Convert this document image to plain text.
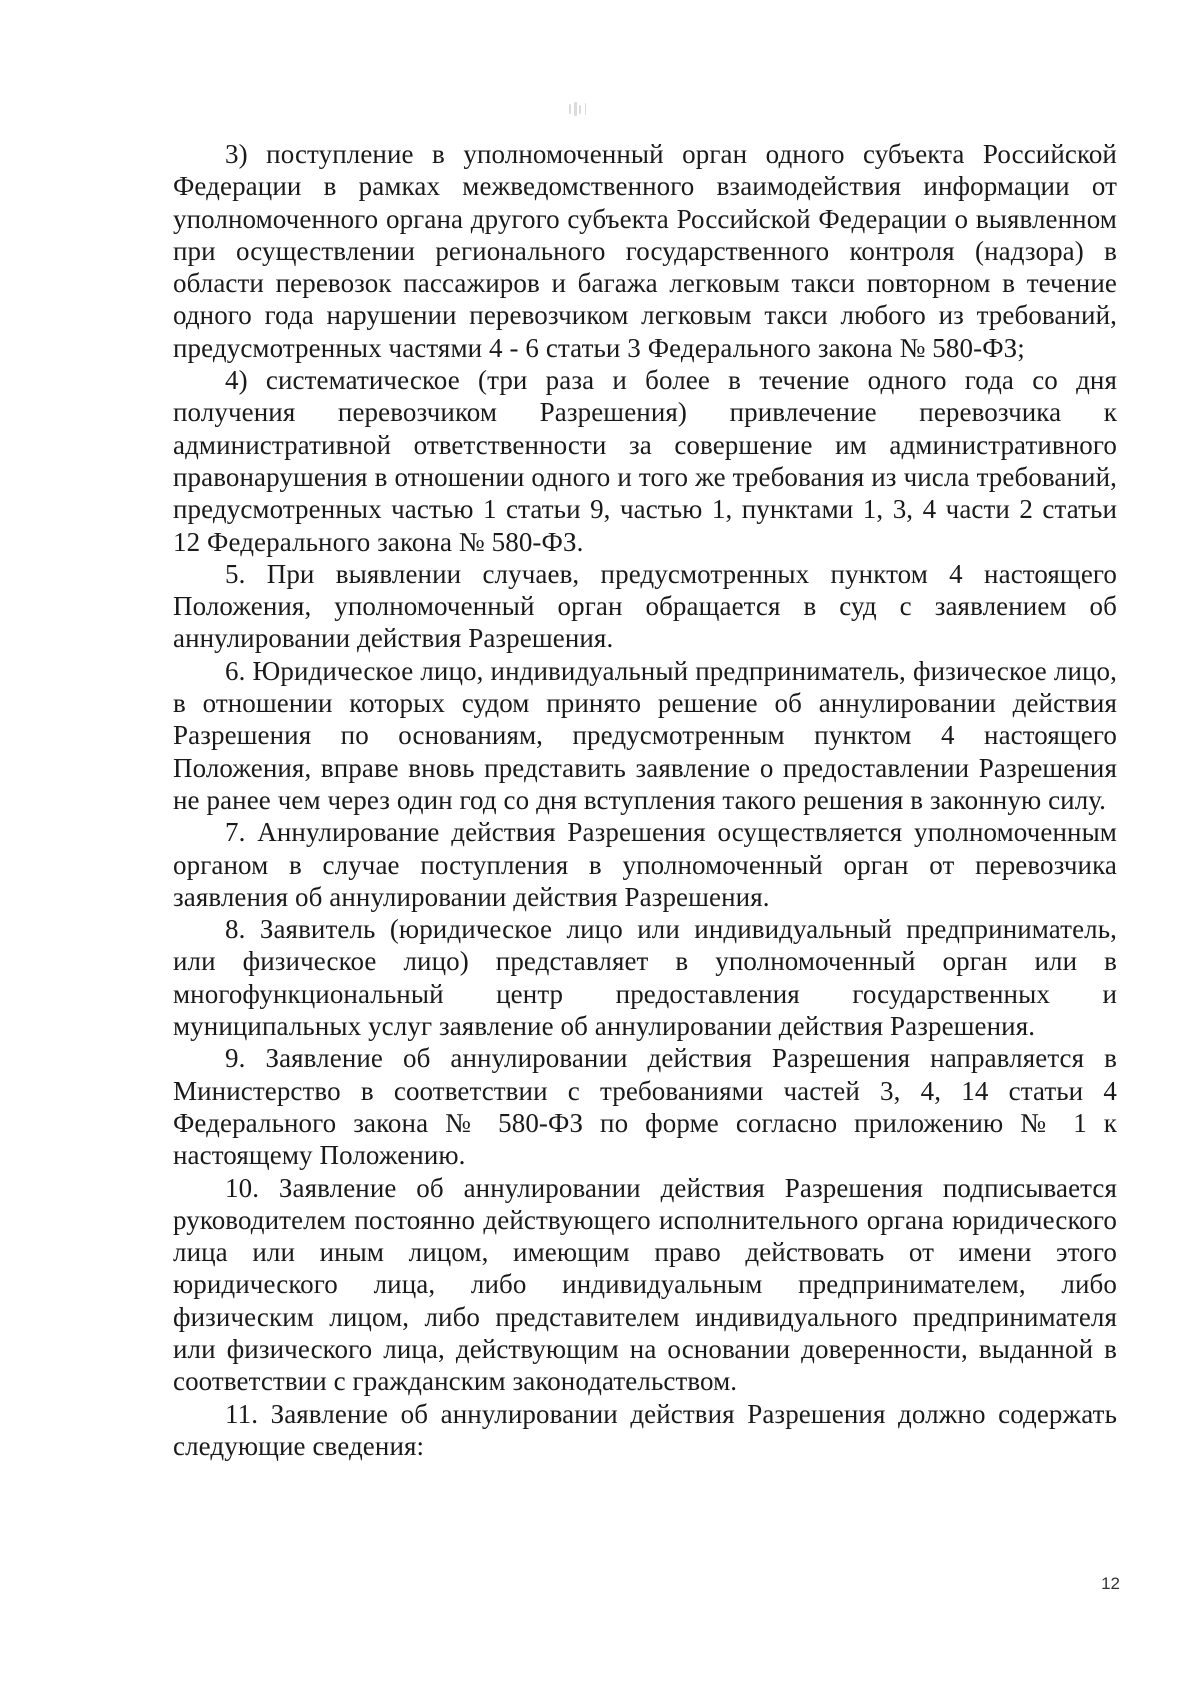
3) поступление в уполномоченный орган одного субъекта Российской Федерации в рамках межведомственного взаимодействия информации от уполномоченного органа другого субъекта Российской Федерации о выявленном при осуществлении регионального государственного контроля (надзора) в области перевозок пассажиров и багажа легковым такси повторном в течение одного года нарушении перевозчиком легковым такси любого из требований, предусмотренных частями 4 - 6 статьи 3 Федерального закона № 580-ФЗ;

4) систематическое (три раза и более в течение одного года со дня получения перевозчиком Разрешения) привлечение перевозчика к административной ответственности за совершение им административного правонарушения в отношении одного и того же требования из числа требований, предусмотренных частью 1 статьи 9, частью 1, пунктами 1, 3, 4 части 2 статьи 12 Федерального закона № 580-ФЗ.

5. При выявлении случаев, предусмотренных пунктом 4 настоящего Положения, уполномоченный орган обращается в суд с заявлением об аннулировании действия Разрешения.

6. Юридическое лицо, индивидуальный предприниматель, физическое лицо, в отношении которых судом принято решение об аннулировании действия Разрешения по основаниям, предусмотренным пунктом 4 настоящего Положения, вправе вновь представить заявление о предоставлении Разрешения не ранее чем через один год со дня вступления такого решения в законную силу.

7. Аннулирование действия Разрешения осуществляется уполномоченным органом в случае поступления в уполномоченный орган от перевозчика заявления об аннулировании действия Разрешения.

8. Заявитель (юридическое лицо или индивидуальный предприниматель, или физическое лицо) представляет в уполномоченный орган или в многофункциональный центр предоставления государственных и муниципальных услуг заявление об аннулировании действия Разрешения.

9. Заявление об аннулировании действия Разрешения направляется в Министерство в соответствии с требованиями частей 3, 4, 14 статьи 4 Федерального закона № 580-ФЗ по форме согласно приложению № 1 к настоящему Положению.

10. Заявление об аннулировании действия Разрешения подписывается руководителем постоянно действующего исполнительного органа юридического лица или иным лицом, имеющим право действовать от имени этого юридического лица, либо индивидуальным предпринимателем, либо физическим лицом, либо представителем индивидуального предпринимателя или физического лица, действующим на основании доверенности, выданной в соответствии с гражданским законодательством.

11. Заявление об аннулировании действия Разрешения должно содержать следующие сведения:

12
